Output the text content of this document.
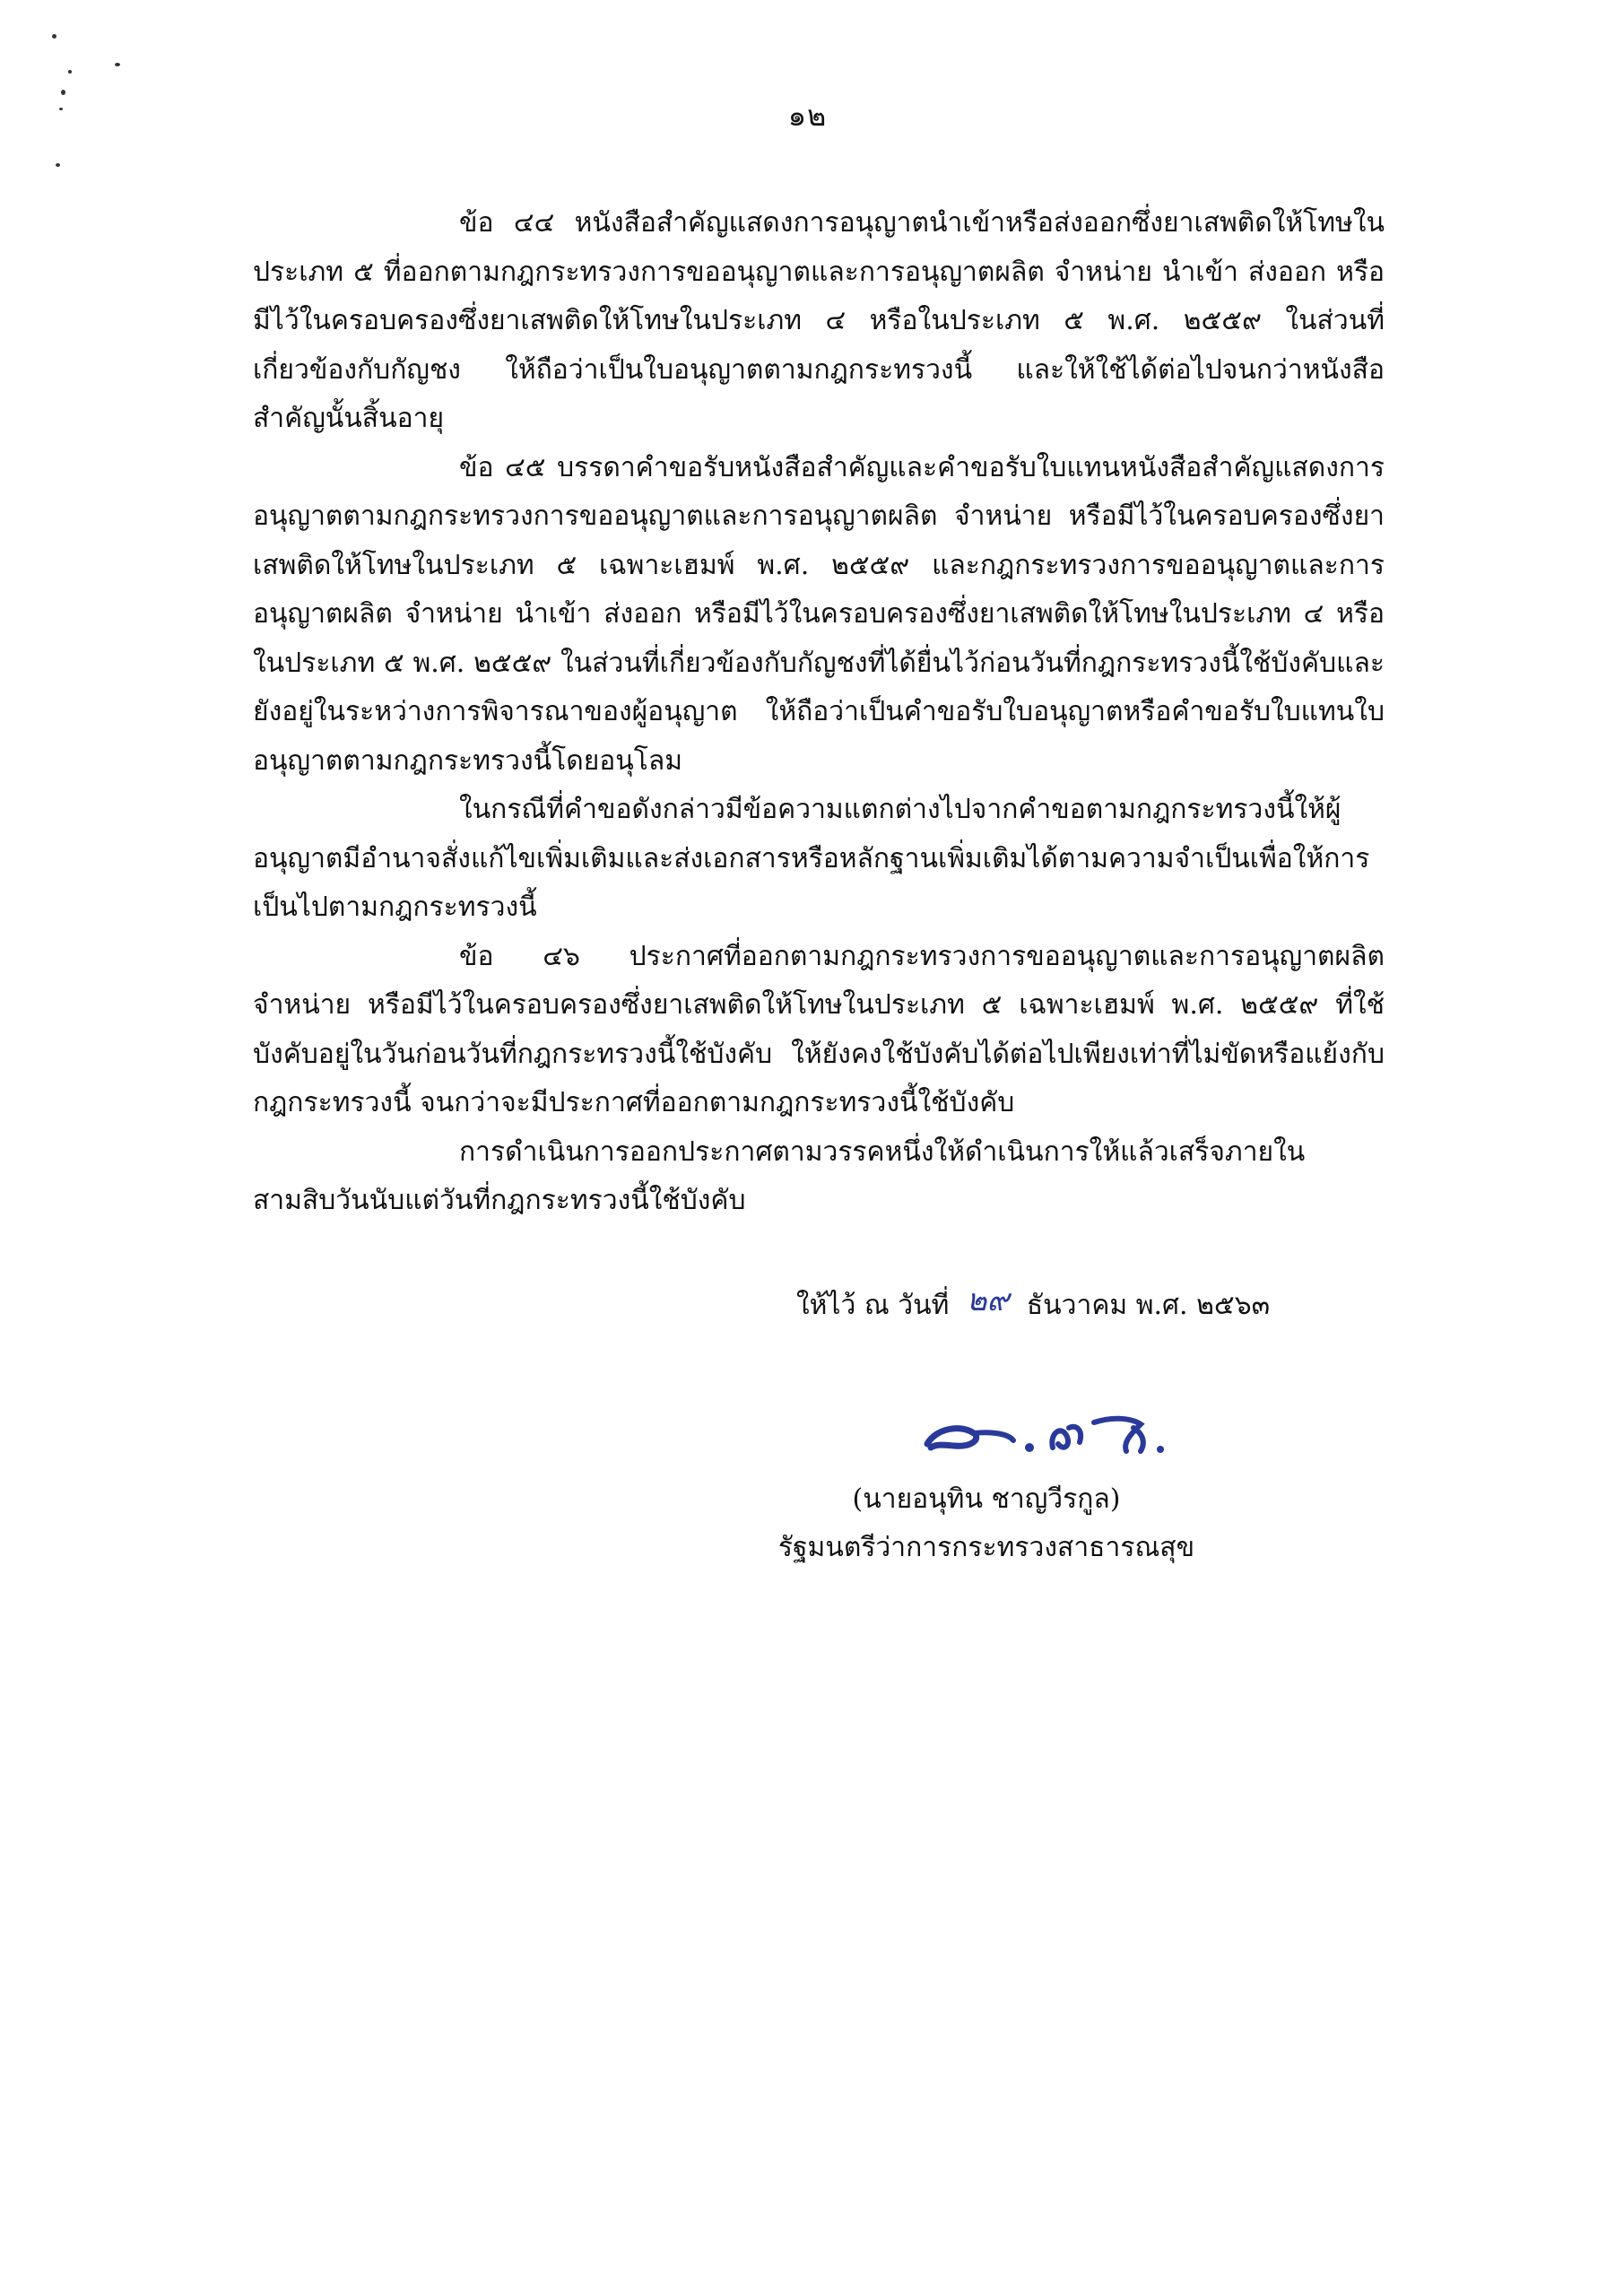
๑๒

ข้อ ๔๔ หนังสือสำคัญแสดงการอนุญาตนำเข้าหรือส่งออกซึ่งยาเสพติดให้โทษในประเภท ๕ ที่ออกตามกฎกระทรวงการขออนุญาตและการอนุญาตผลิต จำหน่าย นำเข้า ส่งออก หรือมีไว้ในครอบครองซึ่งยาเสพติดให้โทษในประเภท ๔ หรือในประเภท ๕ พ.ศ. ๒๕๕๙ ในส่วนที่เกี่ยวข้องกับกัญชง ให้ถือว่าเป็นใบอนุญาตตามกฎกระทรวงนี้ และให้ใช้ได้ต่อไปจนกว่าหนังสือสำคัญนั้นสิ้นอายุ

ข้อ ๔๕ บรรดาคำขอรับหนังสือสำคัญและคำขอรับใบแทนหนังสือสำคัญแสดงการอนุญาตตามกฎกระทรวงการขออนุญาตและการอนุญาตผลิต จำหน่าย หรือมีไว้ในครอบครองซึ่งยาเสพติดให้โทษในประเภท ๕ เฉพาะเฮมพ์ พ.ศ. ๒๕๕๙ และกฎกระทรวงการขออนุญาตและการอนุญาตผลิต จำหน่าย นำเข้า ส่งออก หรือมีไว้ในครอบครองซึ่งยาเสพติดให้โทษในประเภท ๔ หรือในประเภท ๕ พ.ศ. ๒๕๕๙ ในส่วนที่เกี่ยวข้องกับกัญชงที่ได้ยื่นไว้ก่อนวันที่กฎกระทรวงนี้ใช้บังคับและยังอยู่ในระหว่างการพิจารณาของผู้อนุญาต ให้ถือว่าเป็นคำขอรับใบอนุญาตหรือคำขอรับใบแทนใบอนุญาตตามกฎกระทรวงนี้โดยอนุโลม

ในกรณีที่คำขอดังกล่าวมีข้อความแตกต่างไปจากคำขอตามกฎกระทรวงนี้ให้ผู้อนุญาตมีอำนาจสั่งแก้ไขเพิ่มเติมและส่งเอกสารหรือหลักฐานเพิ่มเติมได้ตามความจำเป็นเพื่อให้การเป็นไปตามกฎกระทรวงนี้

ข้อ ๔๖ ประกาศที่ออกตามกฎกระทรวงการขออนุญาตและการอนุญาตผลิตจำหน่าย หรือมีไว้ในครอบครองซึ่งยาเสพติดให้โทษในประเภท ๕ เฉพาะเฮมพ์ พ.ศ. ๒๕๕๙ ที่ใช้บังคับอยู่ในวันก่อนวันที่กฎกระทรวงนี้ใช้บังคับ ให้ยังคงใช้บังคับได้ต่อไปเพียงเท่าที่ไม่ขัดหรือแย้งกับกฎกระทรวงนี้ จนกว่าจะมีประกาศที่ออกตามกฎกระทรวงนี้ใช้บังคับ

การดำเนินการออกประกาศตามวรรคหนึ่งให้ดำเนินการให้แล้วเสร็จภายในสามสิบวันนับแต่วันที่กฎกระทรวงนี้ใช้บังคับ

ให้ไว้ ณ วันที่ ๒๙ ธันวาคม พ.ศ. ๒๕๖๓
(นายอนุทิน ชาญวีรกูล)
รัฐมนตรีว่าการกระทรวงสาธารณสุข
